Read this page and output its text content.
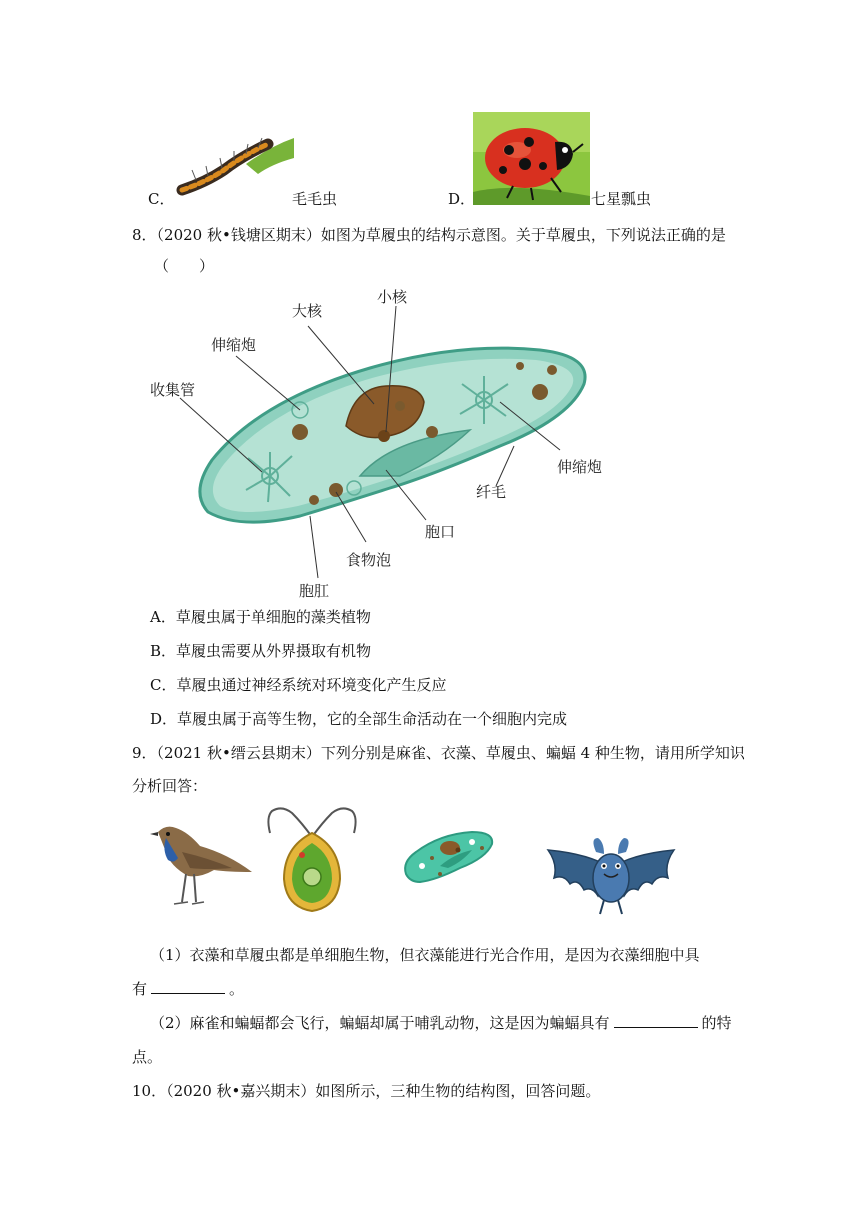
C．	毛毛虫	D．	七星瓢虫
8．（2020 秋•钱塘区期末）如图为草履虫的结构示意图。关于草履虫，下列说法正确的是
（　　）
大核
小核
伸缩炮
收集管
伸缩炮
纤毛
胞口
食物泡
胞肛
A．草履虫属于单细胞的藻类植物
B．草履虫需要从外界摄取有机物
C．草履虫通过神经系统对环境变化产生反应
D．草履虫属于高等生物，它的全部生命活动在一个细胞内完成
9．（2021 秋•缙云县期末）下列分别是麻雀、衣藻、草履虫、蝙蝠 4 种生物，请用所学知识
分析回答：
（1）衣藻和草履虫都是单细胞生物，但衣藻能进行光合作用，是因为衣藻细胞中具
有	。
（2）麻雀和蝙蝠都会飞行，蝙蝠却属于哺乳动物，这是因为蝙蝠具有	的特
点。
10．（2020 秋•嘉兴期末）如图所示，三种生物的结构图，回答问题。
